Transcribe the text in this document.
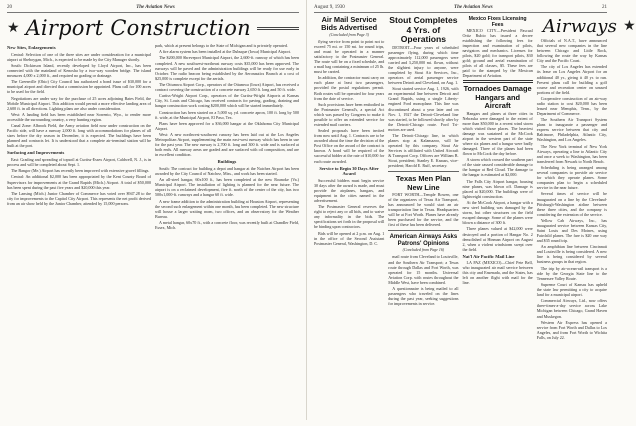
20	The Aviation News
★ Airport Construction
New Sites, Enlargements

Central: Selection of one of the three sites are under consideration for a municipal airport at Sheboygan, Mich., is expected to be made by the City Manager shortly.

South: Dickinson Island, recently developed by Lloyd Airport, Inc., has been connected with the mainland of Kenosha by a two-way wooden bridge. The island measures 4,000 x 2,000 ft., and required no grading or drainage.

The Greenville (Ohio) City Council has authorized a bond issue of $30,000 for a municipal airport and directed that a commission be appointed. Plans call for 100 acres to be used for the field.

Negotiations are under way for the purchase of 25 acres adjoining Bates Field, the Mobile Municipal Airport. This addition would permit a more effective landing area of 2,600 ft. in all directions. Lighting plans are also under consideration.

West: A landing field has been established near Sorrento, Wyo., to render more accessible the surrounding country, a very hunting region.

Canal Zone: Albrook Field, the Army aviation field now under construction on the Pacific side, will have a runway 2,000 ft. long with accommodations for planes of all sizes before the dry season in December, it is expected. The buildings have been planned and contracts let. It is understood that a complete air-terminal station will be built at the port.

Surfacing and Improvements

East: Grading and spreading of topsoil at Curtiss-Essex Airport, Caldwell, N. J., is in process and will be completed about Sept. 1.

The Bangor (Me.) Airport has recently been improved with extensive gravel fillings.

Central: An additional $2,000 has been appropriated by the Kent County Board of Supervisors for improvements at the Grand Rapids (Mich.) Airport. A total of $50,000 has been spent during the past five years and $20,000 this year.

The Lansing (Mich.) Junior Chamber of Commerce has voted over $947.28 to the city for improvements to the Capitol City Airport. This represents the net profit derived from an air show held by the Junior Chamber, attended by 15,000 persons.

park, which at present belongs to the State of Michigan and is privately operated.

A fire alarm system has been installed at the Dubuque (Iowa) Municipal Airport.

The $200,000 Shreveport Municipal Airport, the 2,600-ft. runway of which has been completed. A new southwest-northeast runway costs $35,000 has been approved. The runways will be paved and the administration buildings will be ready for use early in October. The radio beacon being established by the Aeronautics Branch at a cost of $25,000 is complete except for the aerials.

The Ottumwa Airport Corp., operators of the Ottumwa (Iowa) Airport, has received a contract covering the construction of a concrete runway 2,650 ft. long and 50 ft. wide.

Curtiss-Wright Airport Corp., operators of the Curtiss-Wright Airports at Kansas City, St. Louis and Chicago, has received contracts for paving, grading, draining and hangar construction work costing $200,000 which will be started immediately.

Construction has been started on a 5,000 sq. yd. concrete apron, 100 ft. long by 500 ft. wide, at the Municipal Airport, El Paso, Tex.

Plans have been approved for a $36,000 hangar at the Oklahoma City Municipal Airport.

West: A new northwest-southwest runway has been laid out at the Los Angeles Metropolitan Airport, supplementing the main east-west runway which has been in use for the past year. The new runway is 2,700 ft. long and 300 ft. wide and is surfaced at both ends. All runway areas are graded and are surfaced with oil composition, and are in excellent condition.

Buildings

South: The contract for building a depot and hangar at the Natchez Airport has been awarded by the City Council of Natchez, Miss., and work has been started.

An all-steel hangar, 60x100 ft., has been completed at the new Roanoke (Va.) Municipal Airport. The installation of lighting is planned for the near future. The airport is on a reclaimed development, five ft. north of the center of the city, has two 500x1,000-ft. runways and a hangar 60 ft. wide.

A new frame addition to the administration building at Houston Airport, representing the second such enlargement within one month, has been completed. The new structure will house a larger waiting room, two offices, and an observatory for the Weather Bureau.

A metal hangar, 60x70 ft., with a concrete floor, was recently built at Chandler Field, Essex, Mich.

August 9, 1930	The Aviation News	21
Air Mail Service
Bids Advertised
(Concluded from Page 3)

flying service from point to point not to exceed 75 mi. or 150 mi. for round trips, and must be operated in a manner satisfactory to the Postmaster General. The route will be on a fixed schedule, and a mail bag containing a minimum of 25 lb. must be carried.

In addition, the contractor must carry on each plane at least two passengers, provided the postal regulations permit. Both routes will be operated for four years from the date of service.

Such provisions have been embodied in the Postmaster General's, a special Act which was passed by Congress to make it possible to offer an extended service for extended mail carriers.

Sealed proposals have been invited from now until Aug. 1. Contracts are to be awarded about the time the decision of the Post Office on the award of the contract is known. A bond will be required of the successful bidder at the rate of $10,000 for each route awarded.

Service to Begin 30 Days After Award

Successful bidders must begin service 30 days after the award is made, and must provide the airplanes, hangars, and equipment in the cities named in the advertisement.

The Postmaster General reserves the right to reject any or all bids, and to waive any informality in the bids. The specifications set forth in the proposal will be binding upon contractors.

Bids will be opened at 2 p.m. on Aug. 1 in the office of the Second Assistant Postmaster General, Washington, D. C.

Stout Completes
4 Yrs. of Operations

DETROIT—Four years of scheduled passenger flying, during which time approximately 112,000 passengers were carried and 3,250,000 mi. flown, without the slightest injury to anyone, were completed by Stout Air Services, Inc., operators of aerial passenger service between Detroit and Cleveland, on Aug. 1.

Stout started service Aug. 1, 1926, with an experimental line between Detroit and Grand Rapids, using a single Liberty-engined Ford monoplane. This line was discontinued about a year later and on Nov. 1, 1927 the Detroit-Cleveland line was started, to be followed shortly after by the Detroit-Chicago route. Ford Tri-motors are used.

The Detroit-Chicago line, in which planes stop at Kalamazoo, will be operated by this company. Stout Air Services is affiliated with United Aircraft & Transport Corp. Officers are William B. Stout, president; Stanley E. Knauss, vice-president; Harold E. Ruff, secretary.

Texas Men Plan New Line

FORT WORTH—Temple Bowen, one of the organizers of Texas Air Transport, has announced he would start an air transportation line in Texas. Headquarters will be at Fort Worth. Planes have already been purchased for the service, and the first of these has been delivered.

American Airways Asks
Patrons' Opinions
(Concluded from Page 16)

mail route from Cleveland to Louisville, and the Southern Air Transport; a Texas route through Dallas and Fort Worth, was operated for 15 months. Universal Aviation Corp. with routes throughout the Middle West, have been combined.

A questionnaire is being mailed to all passengers who traveled on the lines during the past year, seeking suggestions for improvements in service.

Mexico Fixes Licensing Fees

MEXICO CITY—President Pascual Ortiz Rubio has issued a decree establishing the following fees for inspection and examination of pilots, navigators and mechanics. Licenses for pilots, $20 gold; for transport pilots, $30 gold; ground and aerial examination of pilots of all classes, $5. These fees are paid to the stamped by the Mexican Department of Aviation.

Tornadoes Damage
Hangars and Aircraft

Hangars and planes at three cities in Nebraska were damaged to the extent of more than $50,000 in a recent wind storm which visited those places. The heaviest damage was sustained at the McCook airport in the western part of the state where six planes and a hangar were badly damaged. Three of the planes had been flown to McCook the day before.

A storm which crossed the southern part of the state caused considerable damage to the hangar at Red Cloud. The damage to the hangar is estimated at $2,000.

The Falls City Airport hangar, housing nine planes, was blown off. Damage is placed at $20,000. The buildings were of lightweight construction.

At the McCook Airport, a hangar with a new steel building was damaged by the storm, but other structures on the field escaped damage. Some of the planes were blown a distance of 300 ft.

Three planes valued at $42,000 were destroyed and a portion of Hangar No. 2 demolished at Hinman Airport on August 2, when a violent windstorm swept over the field.

Nat'l Air Pacific Mail Line

LA PAZ (MEXICO)—Chief Pete Bell, who inaugurated air mail service between this city and Ensenada, and the States, has left on another flight with mail for the line.

Airways ★

Officials of N.A.T., have announced that several new companies in the line between Chicago and Little Rock, following the route the way by Kansas City and the Pacific Coast.

The city of Los Angeles has extended its lease on Los Angeles Airport for an additional 40 yr., giving it 40 yr. to run. Present plans call for building a golf course and recreation center on unused portions of the field.

Cooperative construction of an air-way radio station to cost $20,000 has been leased near Memphis, Tenn., by the Department of Commerce.

The Southern Air Transport System plans to inaugurate a passenger and express service between that city and Baltimore, Philadelphia, Atlantic City, Washington, and Los Angeles.

The New York terminal of New York Airways, operating a line to Atlantic City and once a week to Washington, has been transferred from Newark to North Beach.

Scheduling is being arranged among several companies to provide air service for which they operate planes. Some companies plan to begin a scheduled service in the near future.

Several times of service will be inaugurated on a line by the Cleveland-Pittsburgh-Washington airline between these three cities, and the company is considering the extension of the service.

Yellow Cab Airways, Inc., has inaugurated service between Kansas City, Saint Louis and Des Moines, using Fairchild planes. The fare is $20 one way and $35 round trip.

An amphibian line between Cincinnati and Louisville is being considered. A new line is being considered by several business groups in that region.

The trip by air-ocean-rail transport is a ride by the Georgia State line to the Tennessee Valley Route.

Supreme Court of Kansas has upheld the state law permitting a city to acquire land for a municipal airport.

Commercial Airways, Ltd., now offers three-times-a-day service across Lake Michigan between Chicago, Grand Haven and Muskegon.

Western Air Express has opened a service from Fort Worth and Dallas to Los Angeles, and from Fort Worth to Wichita Falls, on July 22.
